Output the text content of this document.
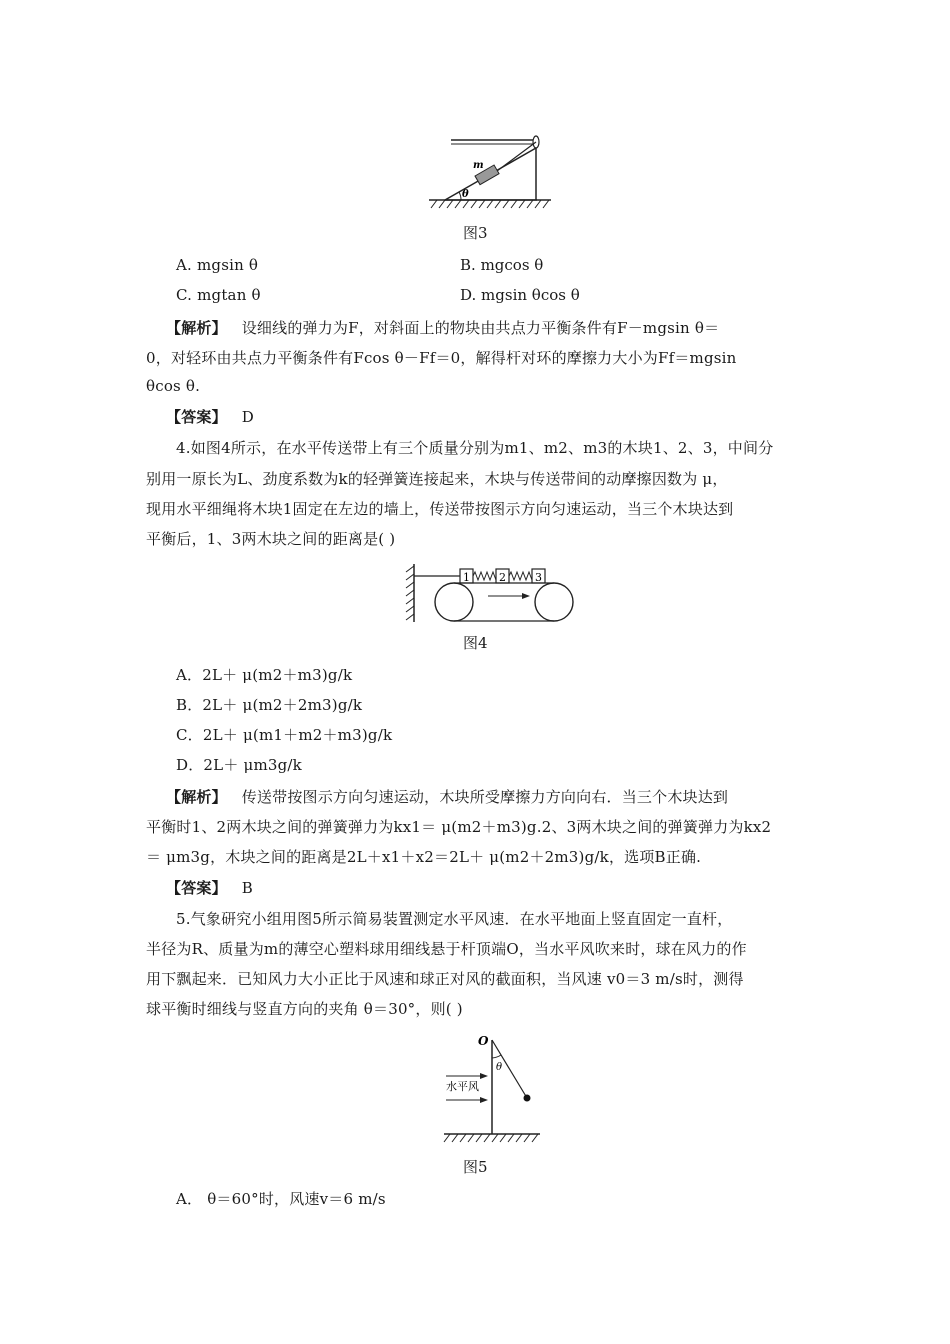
m
θ
图3
A. mgsin θ	B. mgcos θ
C. mgtan θ	D. mgsin θcos θ
【解析】 设细线的弹力为F，对斜面上的物块由共点力平衡条件有F－mgsin θ＝
0，对轻环由共点力平衡条件有Fcos θ－Ff＝0，解得杆对环的摩擦力大小为Ff＝mgsin
θcos θ.
【答案】 D
4.如图4所示，在水平传送带上有三个质量分别为m1、m2、m3的木块1、2、3，中间分
别用一原长为L、劲度系数为k的轻弹簧连接起来，木块与传送带间的动摩擦因数为 μ，
现用水平细绳将木块1固定在左边的墙上，传送带按图示方向匀速运动，当三个木块达到
平衡后，1、3两木块之间的距离是( )
1	2	3
图4
A．2L＋ μ(m2＋m3)g/k
B．2L＋ μ(m2＋2m3)g/k
C．2L＋ μ(m1＋m2＋m3)g/k
D．2L＋ μm3g/k
【解析】 传送带按图示方向匀速运动，木块所受摩擦力方向向右．当三个木块达到
平衡时1、2两木块之间的弹簧弹力为kx1＝ μ(m2＋m3)g.2、3两木块之间的弹簧弹力为kx2
＝ μm3g，木块之间的距离是2L＋x1＋x2＝2L＋ μ(m2＋2m3)g/k，选项B正确.
【答案】 B
5.气象研究小组用图5所示简易装置测定水平风速．在水平地面上竖直固定一直杆，
半径为R、质量为m的薄空心塑料球用细线悬于杆顶端O，当水平风吹来时，球在风力的作
用下飘起来．已知风力大小正比于风速和球正对风的截面积，当风速 v0＝3 m/s时，测得
球平衡时细线与竖直方向的夹角 θ＝30°，则( )
O
θ
水平风
图5
A． θ＝60°时，风速v＝6 m/s
